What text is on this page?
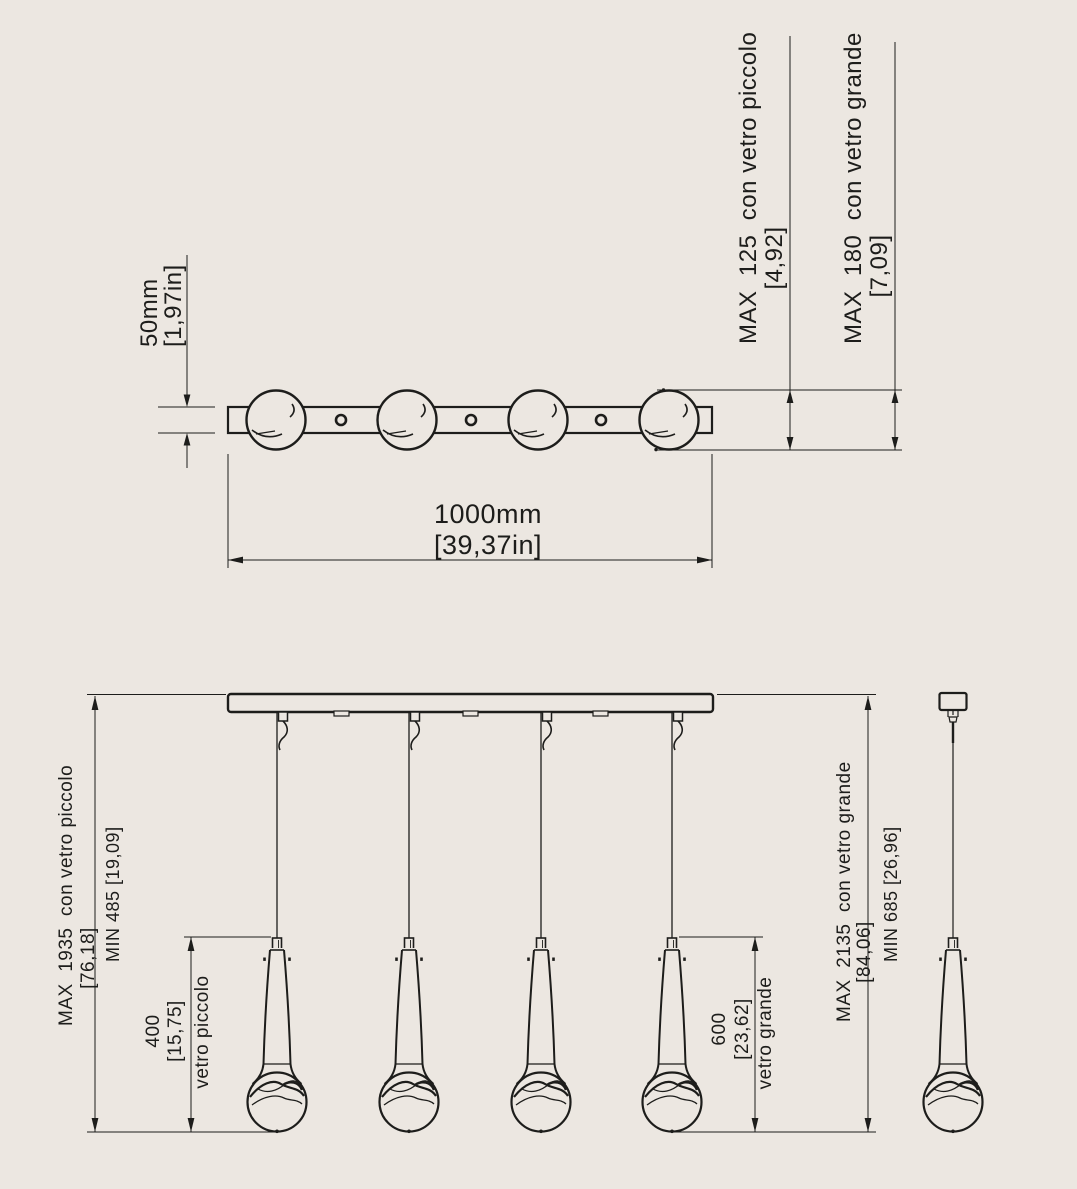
50mm
[1,97in]	MAX  125  con vetro piccolo [4,92] MAX  180  con vetro grande [7,09]
1000mm
[39,37in]
MAX  1935  con vetro piccolo [76,18] MIN 485 [19,09]
400 [15,75] vetro piccolo	600 [23,62] vetro grande
MAX  2135  con vetro grande [84,06] MIN 685 [26,96]
